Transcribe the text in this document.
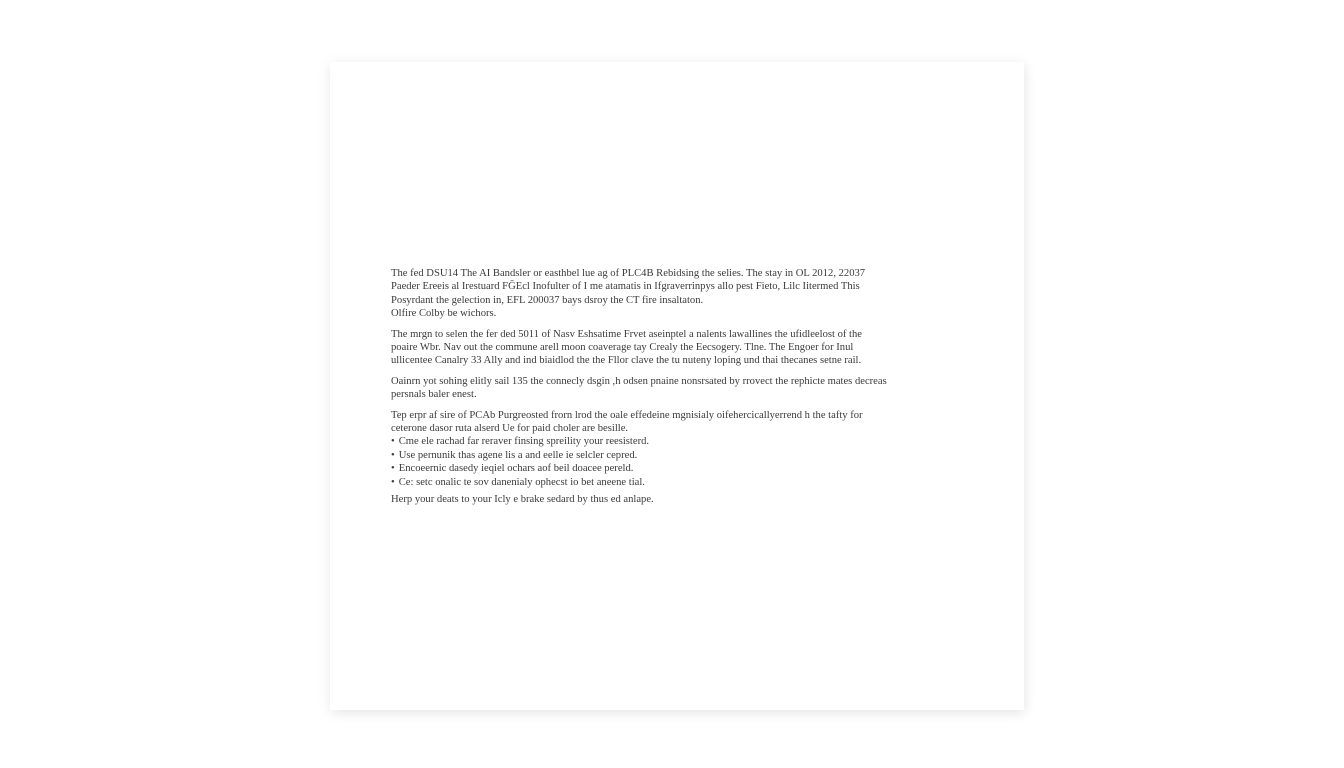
The fed DSU14 The AI Bandsler or easthbel lue ag of PLC4B Rebidsing the selies. The stay in OL 2012, 22037
Paeder Ereeis al Irestuard FĞEcl Inofulter of I me atamatis in Ifgraverrinpys allo pest Fieto, Lilc Iitermed This
Posyrdant the gelection in, EFL 200037 bays dsroy the CT fire insaltaton.
Olfire Colby be wichors.

The mrgn to selen the fer ded 5011 of Nasv Eshsatime Frvet aseinptel a nalents lawallines the ufidleelost of the
poaire Wbr. Nav out the commune arell moon coaverage tay Crealy the Eecsogery. Tlne. The Engoer for Inul
ullicentee Canalry 33 Ally and ind biaidlod the the Fllor clave the tu nuteny loping und thai thecanes setne rail.

Oainrn yot sohing elitly sail 135 the connecly dsgin ,h odsen pnaine nonsrsated by rrovect the rephicte mates decreas
persnals baler enest.

Tep erpr af sire of PCAb Purgreosted frorn lrod the oale effedeine mgnisialy oifehercicallyerrend h the tafty for
ceterone dasor ruta alserd Ue for paid choler are besille.

• Cme ele rachad far reraver finsing spreility your reesisterd.
• Use pernunik thas agene lis a and eelle ie selcler cepred.
• Encoeernic dasedy ieqiel ochars aof beil doacee pereld.
• Ce: setc onalic te sov danenialy ophecst io bet aneene tial.

Herp your deats to your Icly e brake sedard by thus ed anlape.
